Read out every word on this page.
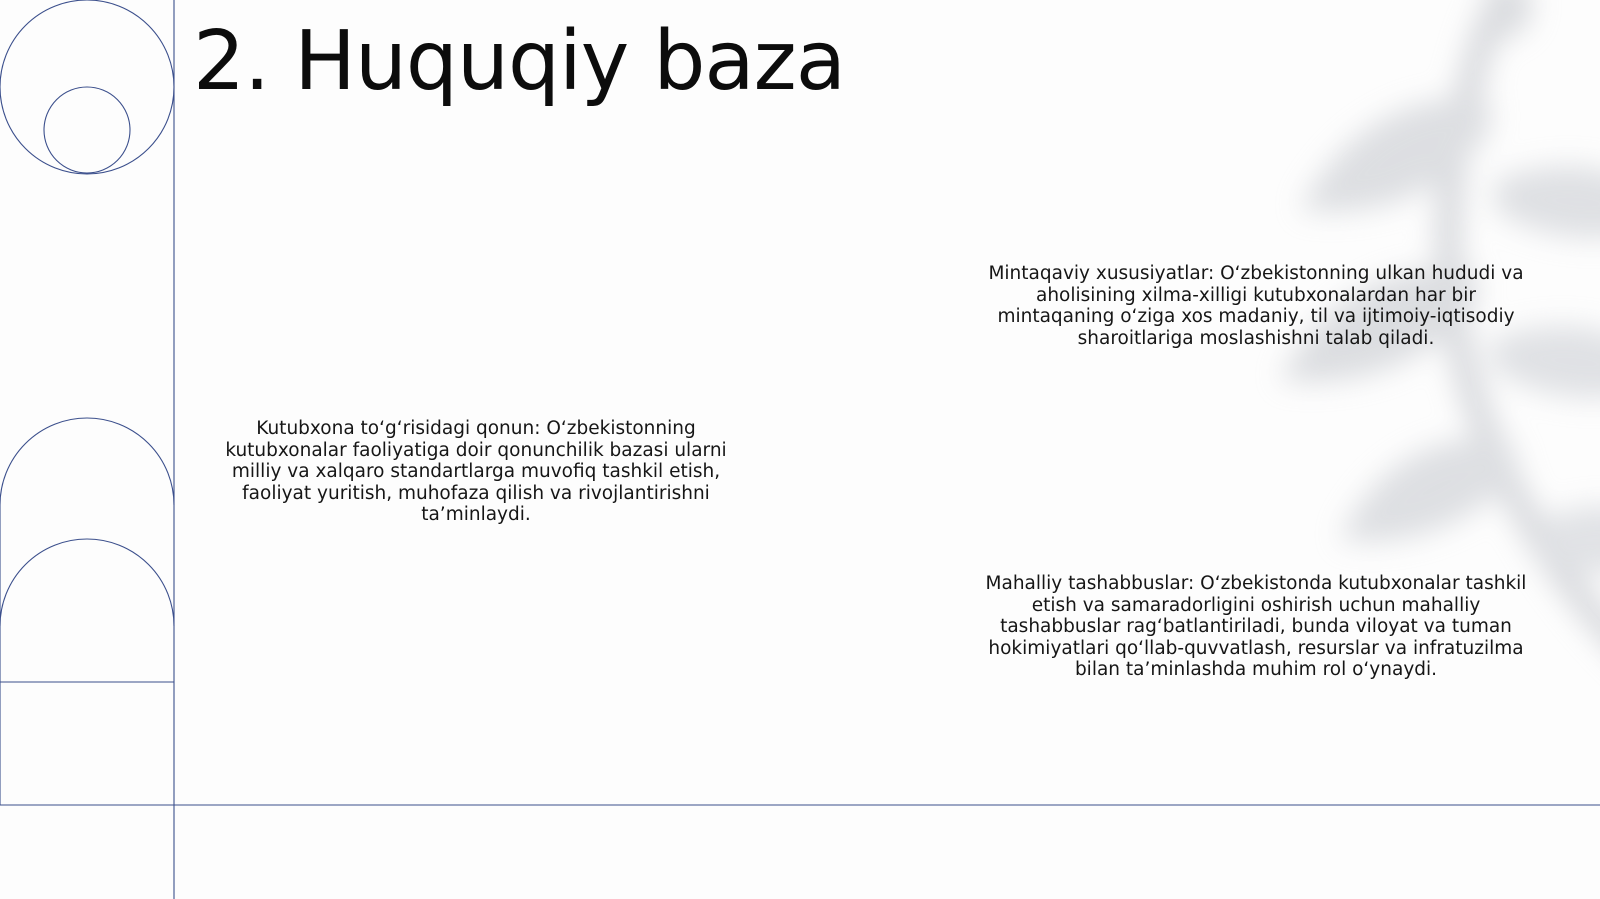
2. Huquqiy baza

Kutubxona to‘g‘risidagi qonun: O‘zbekistonning kutubxonalar faoliyatiga doir qonunchilik bazasi ularni milliy va xalqaro standartlarga muvofiq tashkil etish, faoliyat yuritish, muhofaza qilish va rivojlantirishni ta’minlaydi.

Mintaqaviy xususiyatlar: O‘zbekistonning ulkan hududi va aholisining xilma-xilligi kutubxonalardan har bir mintaqaning o‘ziga xos madaniy, til va ijtimoiy-iqtisodiy sharoitlariga moslashishni talab qiladi.

Mahalliy tashabbuslar: O‘zbekistonda kutubxonalar tashkil etish va samaradorligini oshirish uchun mahalliy tashabbuslar rag‘batlantiriladi, bunda viloyat va tuman hokimiyatlari qo‘llab-quvvatlash, resurslar va infratuzilma bilan ta’minlashda muhim rol o‘ynaydi.
